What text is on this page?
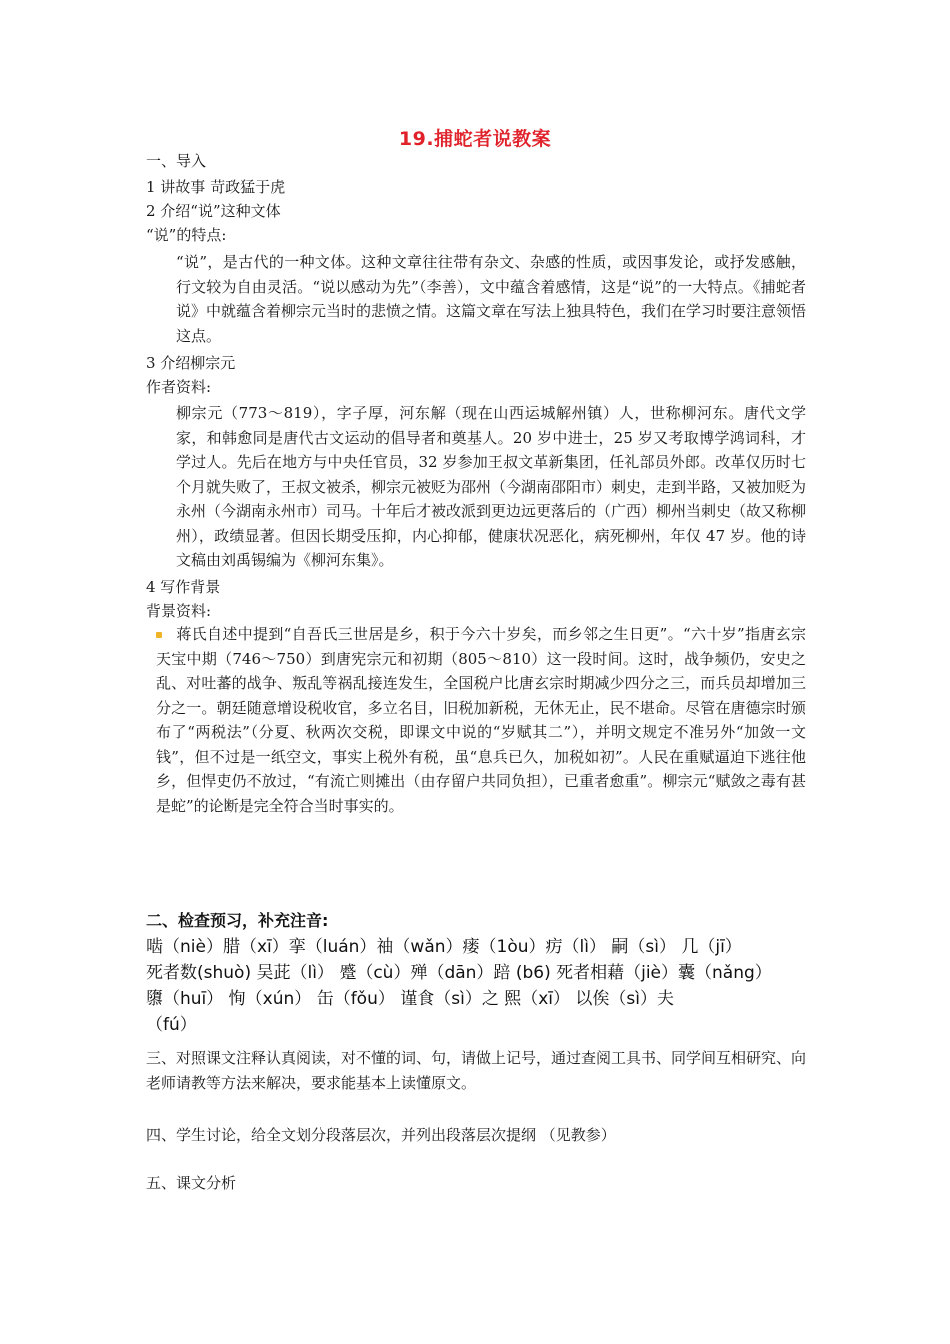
19.捕蛇者说教案
一、导入
1 讲故事 苛政猛于虎
2 介绍“说”这种文体
“说”的特点:
“说”，是古代的一种文体。这种文章往往带有杂文、杂感的性质，或因事发论，或抒发感触，行文较为自由灵活。“说以感动为先”（李善），文中蕴含着感情，这是“说”的一大特点。《捕蛇者说》中就蕴含着柳宗元当时的悲愤之情。这篇文章在写法上独具特色，我们在学习时要注意领悟这点。
3 介绍柳宗元
作者资料:
柳宗元（773～819），字子厚，河东解（现在山西运城解州镇）人，世称柳河东。唐代文学家，和韩愈同是唐代古文运动的倡导者和奠基人。20 岁中进士，25 岁又考取博学鸿词科，才学过人。先后在地方与中央任官员，32 岁参加王叔文革新集团，任礼部员外郎。改革仅历时七个月就失败了，王叔文被杀，柳宗元被贬为邵州（今湖南邵阳市）刺史，走到半路，又被加贬为永州（今湖南永州市）司马。十年后才被改派到更边远更落后的（广西）柳州当刺史（故又称柳州），政绩显著。但因长期受压抑，内心抑郁，健康状况恶化，病死柳州，年仅 47 岁。他的诗文稿由刘禹锡编为《柳河东集》。
4 写作背景
背景资料:
蒋氏自述中提到“自吾氏三世居是乡，积于今六十岁矣，而乡邻之生日更”。“六十岁”指唐玄宗天宝中期（746～750）到唐宪宗元和初期（805～810）这一段时间。这时，战争频仍，安史之乱、对吐蕃的战争、叛乱等祸乱接连发生，全国税户比唐玄宗时期减少四分之三，而兵员却增加三分之一。朝廷随意增设税收官，多立名目，旧税加新税，无休无止，民不堪命。尽管在唐德宗时颁布了“两税法”（分夏、秋两次交税，即课文中说的“岁赋其二”），并明文规定不准另外“加敛一文钱”，但不过是一纸空文，事实上税外有税，虽“息兵已久，加税如初”。人民在重赋逼迫下逃往他乡，但悍吏仍不放过，“有流亡则摊出（由存留户共同负担），已重者愈重”。柳宗元“赋敛之毒有甚是蛇”的论断是完全符合当时事实的。
二、检查预习，补充注音:
啮（niè）腊（xī）挛（luán）䄂（wǎn）瘘（1òu）疠（lì） 嗣（sì） 几（jī）
死者数(shuò) 吴茈（lì） 蹙（cù）殚（dān）踣 (b6) 死者相藉（jiè）囊（nǎng）
隳（huī） 恂（xún） 缶（fǒu） 谨食（sì）之 熙（xī） 以俟（sì）夫
（fú）
三、对照课文注释认真阅读，对不懂的词、句，请做上记号，通过查阅工具书、同学间互相研究、向老师请教等方法来解决，要求能基本上读懂原文。
四、学生讨论，给全文划分段落层次，并列出段落层次提纲 （见教参）
五、课文分析
